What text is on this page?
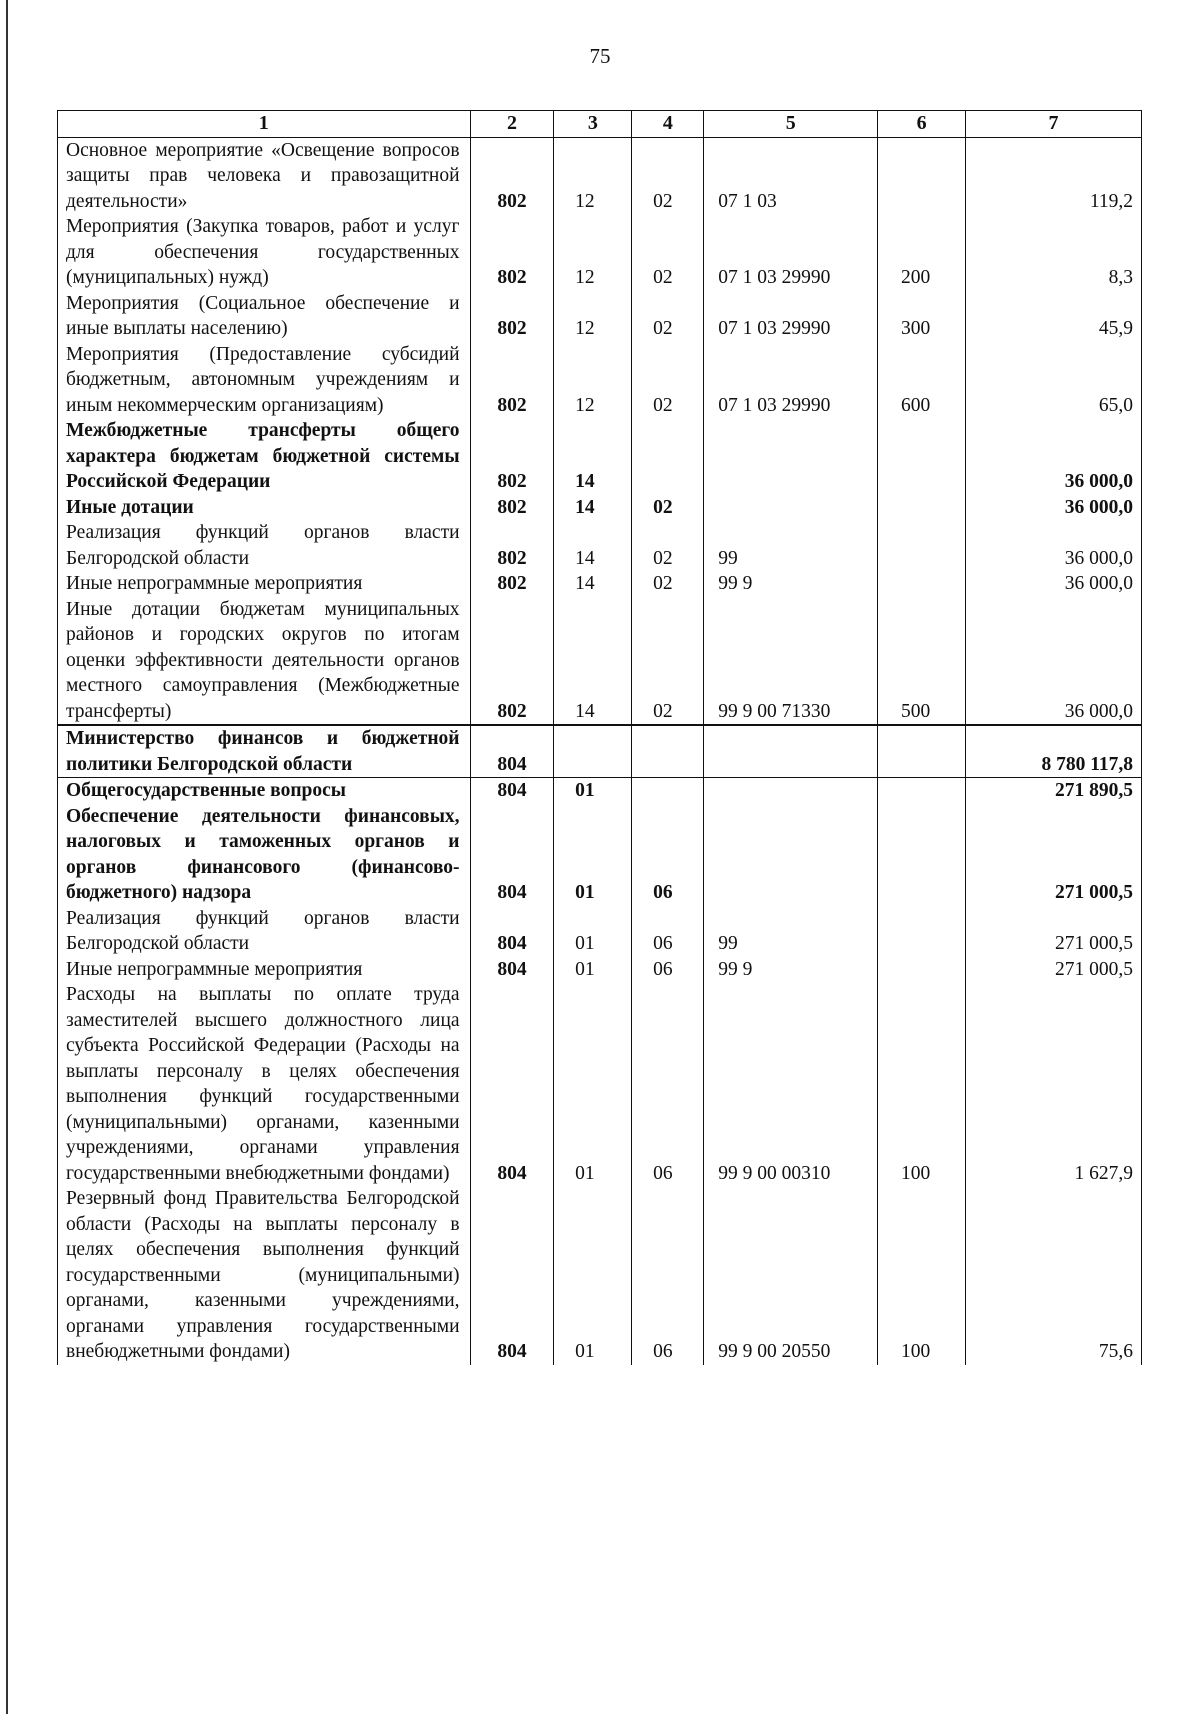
75
1	2	3	4	5	6	7
Основное мероприятие «Освещение вопросов защиты прав человека и правозащитной деятельности»	802	12	02	07 1 03		119,2
Мероприятия (Закупка товаров, работ и услуг для обеспечения государственных (муниципальных) нужд)	802	12	02	07 1 03 29990	200	8,3
Мероприятия (Социальное обеспечение и иные выплаты населению)	802	12	02	07 1 03 29990	300	45,9
Мероприятия (Предоставление субсидий бюджетным, автономным учреждениям и иным некоммерческим организациям)	802	12	02	07 1 03 29990	600	65,0
Межбюджетные трансферты общего характера бюджетам бюджетной системы Российской Федерации	802	14				36 000,0
Иные дотации	802	14	02			36 000,0
Реализация функций органов власти Белгородской области	802	14	02	99		36 000,0
Иные непрограммные мероприятия	802	14	02	99 9		36 000,0
Иные дотации бюджетам муниципальных районов и городских округов по итогам оценки эффективности деятельности органов местного самоуправления (Межбюджетные трансферты)	802	14	02	99 9 00 71330	500	36 000,0
Министерство финансов и бюджетной политики Белгородской области	804					8 780 117,8
Общегосударственные вопросы	804	01				271 890,5
Обеспечение деятельности финансовых, налоговых и таможенных органов и органов финансового (финансово-бюджетного) надзора	804	01	06			271 000,5
Реализация функций органов власти Белгородской области	804	01	06	99		271 000,5
Иные непрограммные мероприятия	804	01	06	99 9		271 000,5
Расходы на выплаты по оплате труда заместителей высшего должностного лица субъекта Российской Федерации (Расходы на выплаты персоналу в целях обеспечения выполнения функций государственными (муниципальными) органами, казенными учреждениями, органами управления государственными внебюджетными фондами)	804	01	06	99 9 00 00310	100	1 627,9
Резервный фонд Правительства Белгородской области (Расходы на выплаты персоналу в целях обеспечения выполнения функций государственными (муниципальными) органами, казенными учреждениями, органами управления государственными внебюджетными фондами)	804	01	06	99 9 00 20550	100	75,6
